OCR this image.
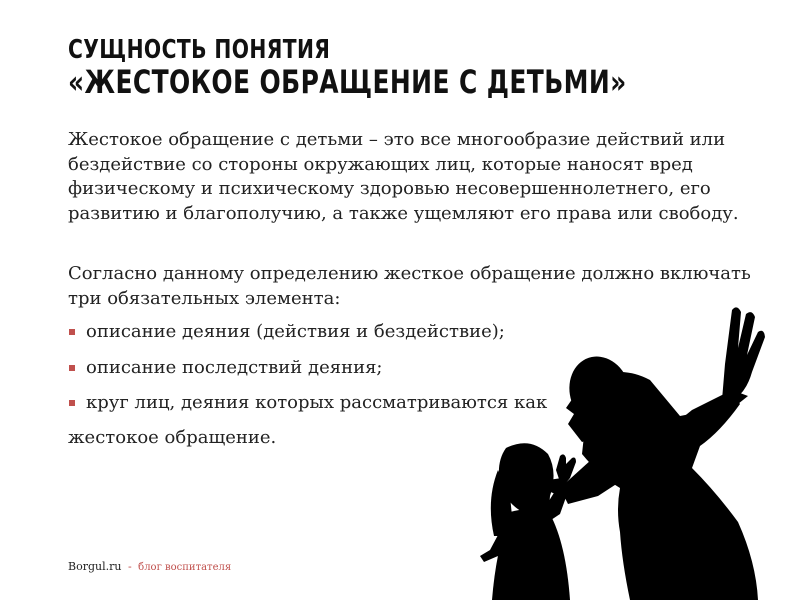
СУЩНОСТЬ ПОНЯТИЯ
«ЖЕСТОКОЕ ОБРАЩЕНИЕ С ДЕТЬМИ»
Жестокое обращение с детьми – это все многообразие действий или
бездействие со стороны окружающих лиц, которые наносят вред
физическому и психическому здоровью несовершеннолетнего, его
развитию и благополучию, а также ущемляют его права или свободу.
Согласно данному определению жесткое обращение должно включать
три обязательных элемента:
описание деяния (действия и бездействие);
описание последствий деяния;
круг лиц, деяния которых рассматриваются как
жестокое обращение.
Borgul.ru - блог воспитателя
